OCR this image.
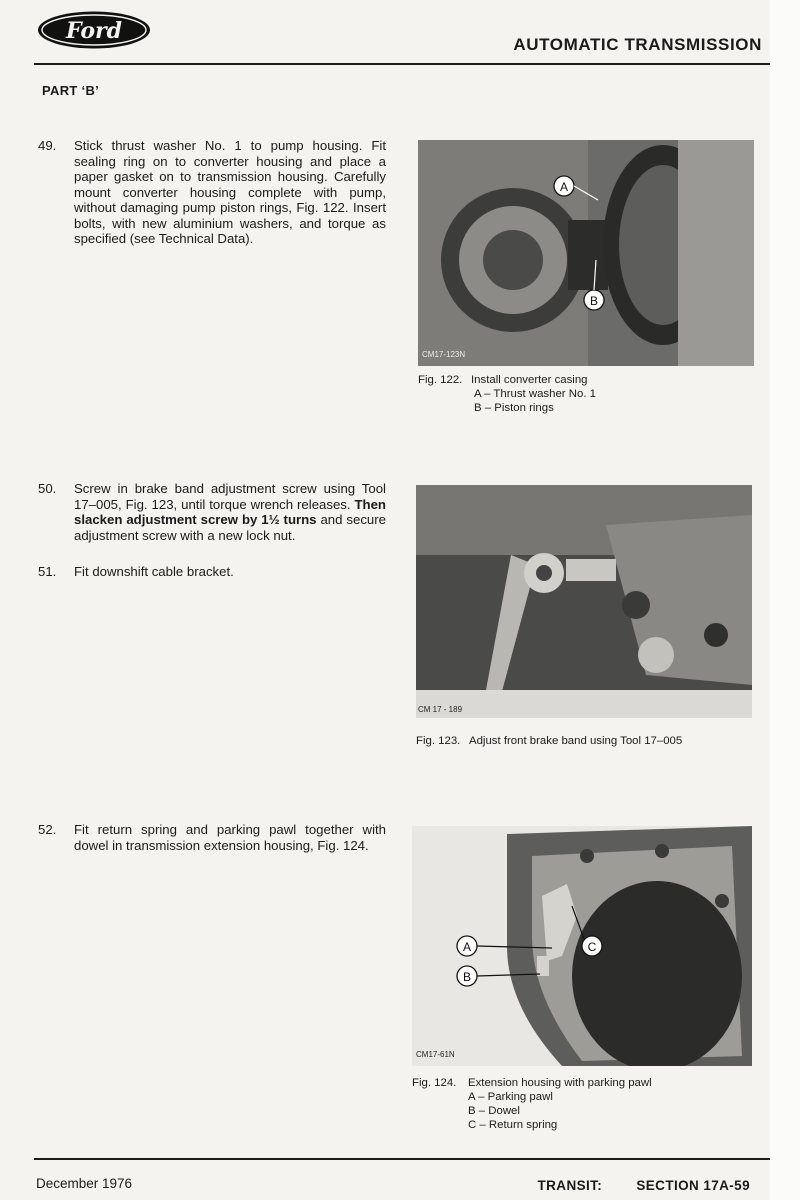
Ford
AUTOMATIC TRANSMISSION
PART ‘B’
49.	Stick thrust washer No. 1 to pump housing. Fit sealing ring on to converter housing and place a paper gasket on to transmission housing. Carefully mount converter housing complete with pump, without damaging pump piston rings, Fig. 122. Insert bolts, with new aluminium washers, and torque as specified (see Technical Data).
50.	Screw in brake band adjustment screw using Tool 17–005, Fig. 123, until torque wrench releases. Then slacken adjustment screw by 1½ turns and secure adjustment screw with a new lock nut.
51.	Fit downshift cable bracket.
52.	Fit return spring and parking pawl together with dowel in transmission extension housing, Fig. 124.
A
B
CM17-123N
Fig. 122. Install converter casing
A – Thrust washer No. 1
B – Piston rings
CM 17 - 189
Fig. 123. Adjust front brake band using Tool 17–005
A
B
C
CM17-61N
Fig. 124.	Extension housing with parking pawl
A – Parking pawl
B – Dowel
C – Return spring
December 1976	TRANSIT:	SECTION 17A-59
